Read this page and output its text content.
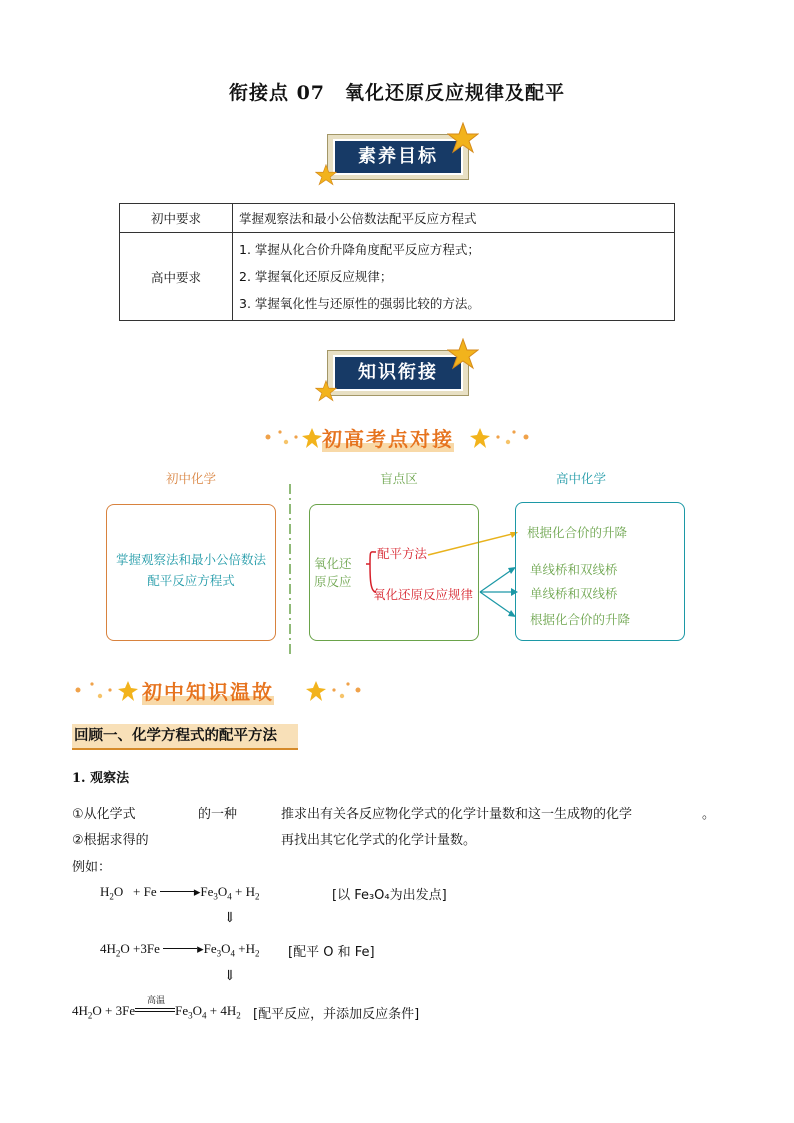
衔接点 07　氧化还原反应规律及配平
素养目标
初中要求	掌握观察法和最小公倍数法配平反应方程式
高中要求	1. 掌握从化合价升降角度配平反应方程式；
2. 掌握氧化还原反应规律；
3. 掌握氧化性与还原性的强弱比较的方法。
知识衔接
初高考点对接
初中化学	盲点区	高中化学
掌握观察法和最小公倍数法
配平反应方程式
氧化还
原反应
配平方法
氧化还原反应规律
根据化合价的升降
单线桥和双线桥
单线桥和双线桥
根据化合价的升降
初中知识温故
回顾一、化学方程式的配平方法
1. 观察法
①从化学式	的一种	推求出有关各反应物化学式的化学计量数和这一生成物的化学	。
②根据求得的	再找出其它化学式的化学计量数。
例如：
$H_2O + Fe$	$▸Fe_3O_4 + H_2$	[以 Fe₃O₄为出发点]
⇓
$4H_2O +3Fe$	$▸Fe_3O_4 +H_2$ [配平 O 和 Fe]
⇓
$4H_2O + 3Fe$	$Fe_3O_4 + 4H_2$
高温
[配平反应，并添加反应条件]
